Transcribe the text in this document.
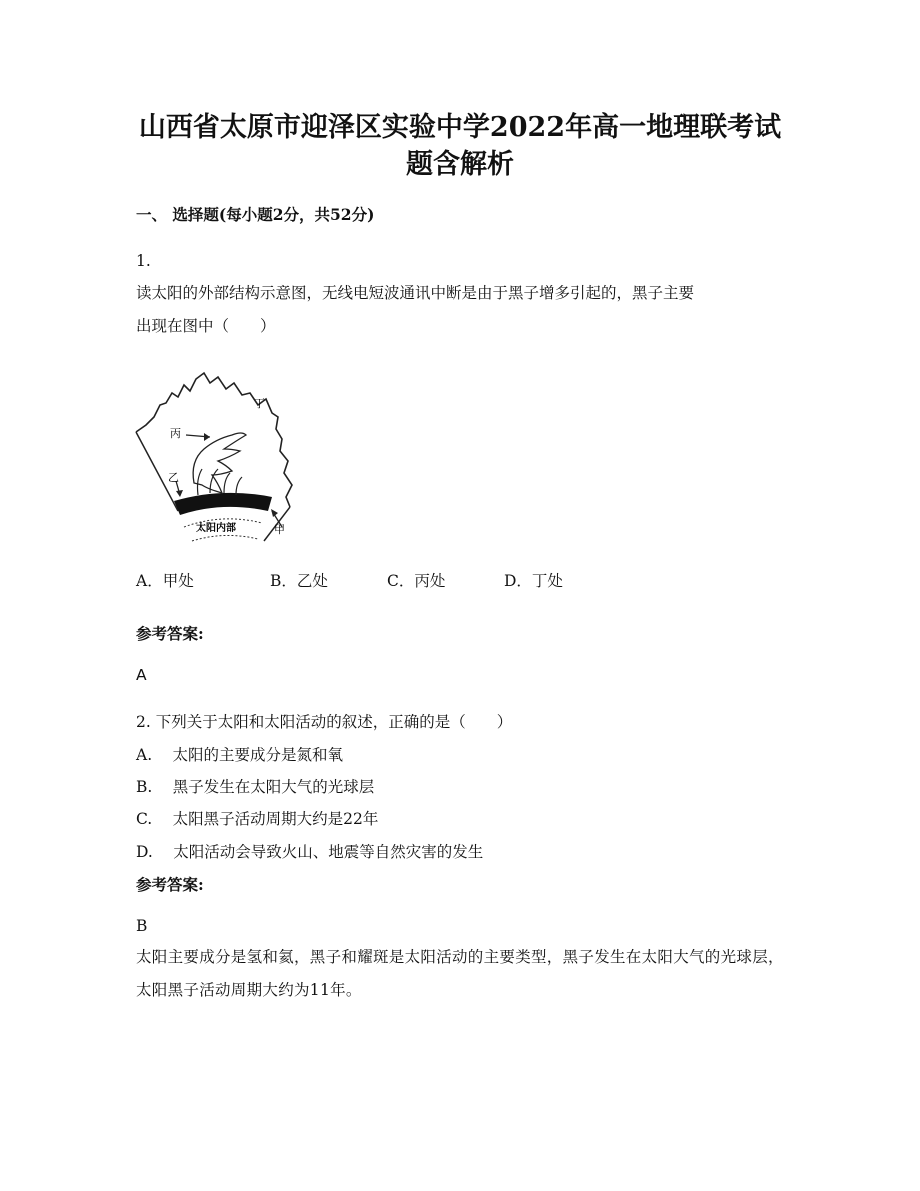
山西省太原市迎泽区实验中学2022年高一地理联考试
题含解析
一、 选择题(每小题2分，共52分)
1.
读太阳的外部结构示意图，无线电短波通讯中断是由于黑子增多引起的，黑子主要
出现在图中（　　）
丁
丙
乙
甲
太阳内部
A．甲处	B．乙处	C．丙处	D．丁处
参考答案:
A
2. 下列关于太阳和太阳活动的叙述，正确的是（　　）
A.　 太阳的主要成分是氮和氧
B.　 黑子发生在太阳大气的光球层
C.　 太阳黑子活动周期大约是22年
D.　 太阳活动会导致火山、地震等自然灾害的发生
参考答案:
B
太阳主要成分是氢和氦，黑子和耀斑是太阳活动的主要类型，黑子发生在太阳大气的光球层，太阳黑子活动周期大约为11年。
